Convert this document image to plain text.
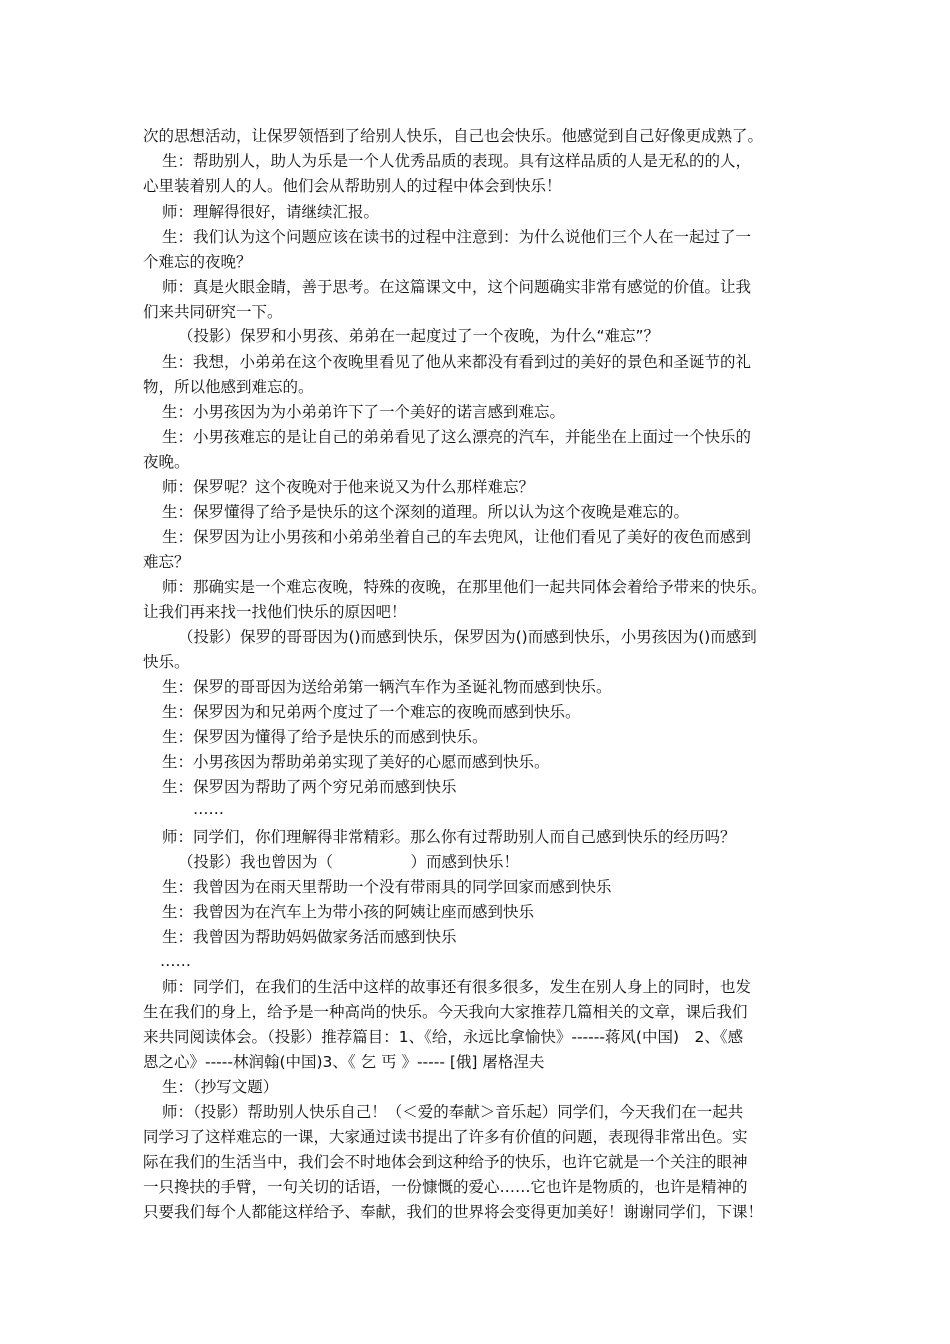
次的思想活动，让保罗领悟到了给别人快乐，自己也会快乐。他感觉到自己好像更成熟了。
生：帮助别人，助人为乐是一个人优秀品质的表现。具有这样品质的人是无私的的人，
心里装着别人的人。他们会从帮助别人的过程中体会到快乐！
师：理解得很好，请继续汇报。
生：我们认为这个问题应该在读书的过程中注意到：为什么说他们三个人在一起过了一
个难忘的夜晚？
师：真是火眼金睛，善于思考。在这篇课文中，这个问题确实非常有感觉的价值。让我
们来共同研究一下。
（投影）保罗和小男孩、弟弟在一起度过了一个夜晚，为什么“难忘”？
生：我想，小弟弟在这个夜晚里看见了他从来都没有看到过的美好的景色和圣诞节的礼
物，所以他感到难忘的。
生：小男孩因为为小弟弟许下了一个美好的诺言感到难忘。
生：小男孩难忘的是让自己的弟弟看见了这么漂亮的汽车，并能坐在上面过一个快乐的
夜晚。
师：保罗呢？这个夜晚对于他来说又为什么那样难忘？
生：保罗懂得了给予是快乐的这个深刻的道理。所以认为这个夜晚是难忘的。
生：保罗因为让小男孩和小弟弟坐着自己的车去兜风，让他们看见了美好的夜色而感到
难忘？
师：那确实是一个难忘夜晚，特殊的夜晚，在那里他们一起共同体会着给予带来的快乐。
让我们再来找一找他们快乐的原因吧！
（投影）保罗的哥哥因为()而感到快乐，保罗因为()而感到快乐，小男孩因为()而感到
快乐。
生：保罗的哥哥因为送给弟第一辆汽车作为圣诞礼物而感到快乐。
生：保罗因为和兄弟两个度过了一个难忘的夜晚而感到快乐。
生：保罗因为懂得了给予是快乐的而感到快乐。
生：小男孩因为帮助弟弟实现了美好的心愿而感到快乐。
生：保罗因为帮助了两个穷兄弟而感到快乐
……
师：同学们，你们理解得非常精彩。那么你有过帮助别人而自己感到快乐的经历吗？
（投影）我也曾因为（　　　　　）而感到快乐！
生：我曾因为在雨天里帮助一个没有带雨具的同学回家而感到快乐
生：我曾因为在汽车上为带小孩的阿姨让座而感到快乐
生：我曾因为帮助妈妈做家务活而感到快乐
……
师：同学们，在我们的生活中这样的故事还有很多很多，发生在别人身上的同时，也发
生在我们的身上，给予是一种高尚的快乐。今天我向大家推荐几篇相关的文章，课后我们
来共同阅读体会。（投影）推荐篇目：1、《给，永远比拿愉快》------蒋风(中国)　2、《感
恩之心》-----林润翰(中国)3、《 乞 丐 》----- [俄] 屠格涅夫
生：（抄写文题）
师：（投影）帮助别人快乐自己！（＜爱的奉献＞音乐起）同学们，今天我们在一起共
同学习了这样难忘的一课，大家通过读书提出了许多有价值的问题，表现得非常出色。实
际在我们的生活当中，我们会不时地体会到这种给予的快乐，也许它就是一个关注的眼神
一只搀扶的手臂，一句关切的话语，一份慷慨的爱心……它也许是物质的，也许是精神的
只要我们每个人都能这样给予、奉献，我们的世界将会变得更加美好！谢谢同学们，下课！
